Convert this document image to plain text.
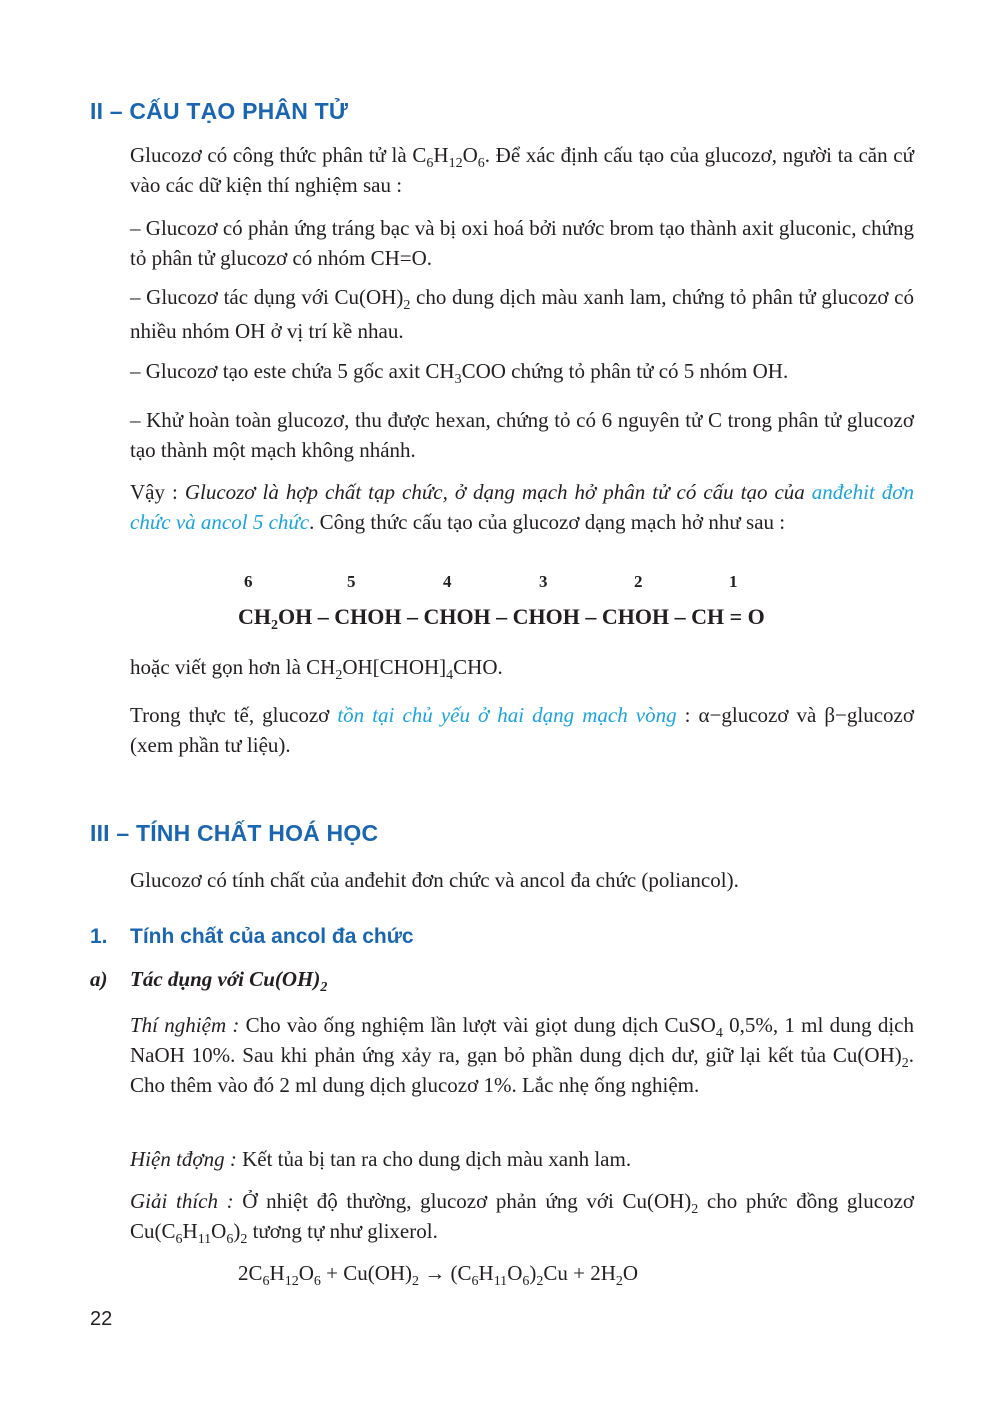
II – CẤU TẠO PHÂN TỬ

Glucozơ có công thức phân tử là $C_6H_{12}O_6$. Để xác định cấu tạo của glucozơ, người ta căn cứ vào các dữ kiện thí nghiệm sau :

– Glucozơ có phản ứng tráng bạc và bị oxi hoá bởi nước brom tạo thành axit gluconic, chứng tỏ phân tử glucozơ có nhóm CH=O.

– Glucozơ tác dụng với $Cu(OH)_2$ cho dung dịch màu xanh lam, chứng tỏ phân tử glucozơ có nhiều nhóm OH ở vị trí kề nhau.

– Glucozơ tạo este chứa 5 gốc axit $CH_3COO$ chứng tỏ phân tử có 5 nhóm OH.

– Khử hoàn toàn glucozơ, thu được hexan, chứng tỏ có 6 nguyên tử C trong phân tử glucozơ tạo thành một mạch không nhánh.

Vậy : Glucozơ là hợp chất tạp chức, ở dạng mạch hở phân tử có cấu tạo của anđehit đơn chức và ancol 5 chức. Công thức cấu tạo của glucozơ dạng mạch hở như sau :

6	5	4	3	2	1
$CH_2OH$ – CHOH – CHOH – CHOH – CHOH – CH = O

hoặc viết gọn hơn là $CH_2OH[CHOH]_4CHO$.

Trong thực tế, glucozơ tồn tại chủ yếu ở hai dạng mạch vòng : α−glucozơ và β−glucozơ (xem phần tư liệu).

III – TÍNH CHẤT HOÁ HỌC

Glucozơ có tính chất của anđehit đơn chức và ancol đa chức (poliancol).

1. Tính chất của ancol đa chức
a) Tác dụng với $Cu(OH)_2$

Thí nghiệm : Cho vào ống nghiệm lần lượt vài giọt dung dịch CuSO$_4$ 0,5%, 1 ml dung dịch NaOH 10%. Sau khi phản ứng xảy ra, gạn bỏ phần dung dịch dư, giữ lại kết tủa $Cu(OH)_2$. Cho thêm vào đó 2 ml dung dịch glucozơ 1%. Lắc nhẹ ống nghiệm.

Hiện tđợng : Kết tủa bị tan ra cho dung dịch màu xanh lam.

Giải thích : Ở nhiệt độ thường, glucozơ phản ứng với $Cu(OH)_2$ cho phức đồng glucozơ $Cu(C_6H_{11}O_6)_2$ tương tự như glixerol.

$2C_6H_{12}O_6 + Cu(OH)_2 \to (C_6H_{11}O_6)_2Cu + 2H_2O$
22
